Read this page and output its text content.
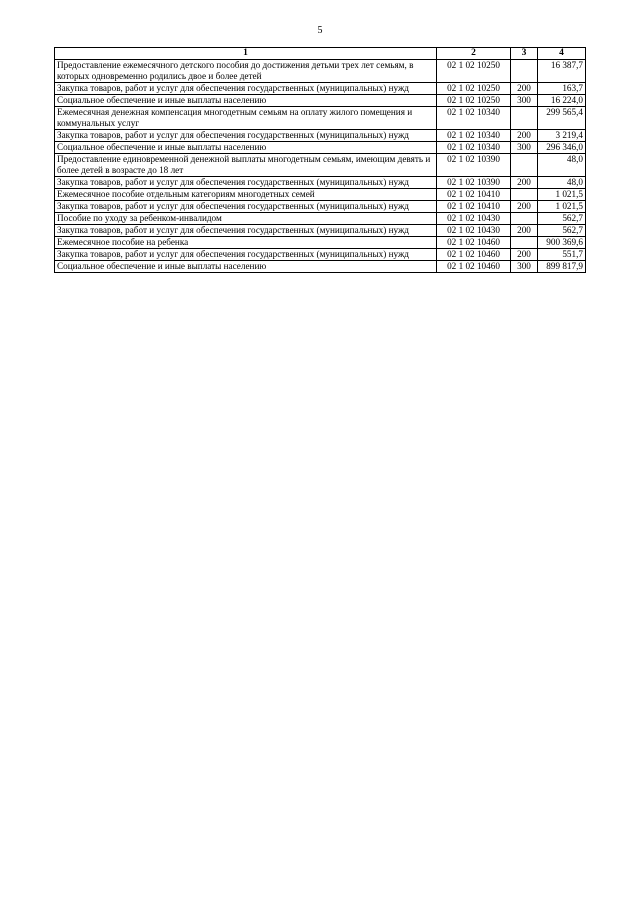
5
1	2	3	4
Предоставление ежемесячного детского пособия до достижения детьми трех лет семьям, в которых одновременно родились двое и более детей	02 1 02 10250		16 387,7
Закупка товаров, работ и услуг для обеспечения государственных (муниципальных) нужд	02 1 02 10250	200	163,7
Социальное обеспечение и иные выплаты населению	02 1 02 10250	300	16 224,0
Ежемесячная денежная компенсация многодетным семьям на оплату жилого помещения и коммунальных услуг	02 1 02 10340		299 565,4
Закупка товаров, работ и услуг для обеспечения государственных (муниципальных) нужд	02 1 02 10340	200	3 219,4
Социальное обеспечение и иные выплаты населению	02 1 02 10340	300	296 346,0
Предоставление единовременной денежной выплаты многодетным семьям, имеющим девять и более детей в возрасте до 18 лет	02 1 02 10390		48,0
Закупка товаров, работ и услуг для обеспечения государственных (муниципальных) нужд	02 1 02 10390	200	48,0
Ежемесячное пособие отдельным категориям многодетных семей	02 1 02 10410		1 021,5
Закупка товаров, работ и услуг для обеспечения государственных (муниципальных) нужд	02 1 02 10410	200	1 021,5
Пособие по уходу за ребенком-инвалидом	02 1 02 10430		562,7
Закупка товаров, работ и услуг для обеспечения государственных (муниципальных) нужд	02 1 02 10430	200	562,7
Ежемесячное пособие на ребенка	02 1 02 10460		900 369,6
Закупка товаров, работ и услуг для обеспечения государственных (муниципальных) нужд	02 1 02 10460	200	551,7
Социальное обеспечение и иные выплаты населению	02 1 02 10460	300	899 817,9
